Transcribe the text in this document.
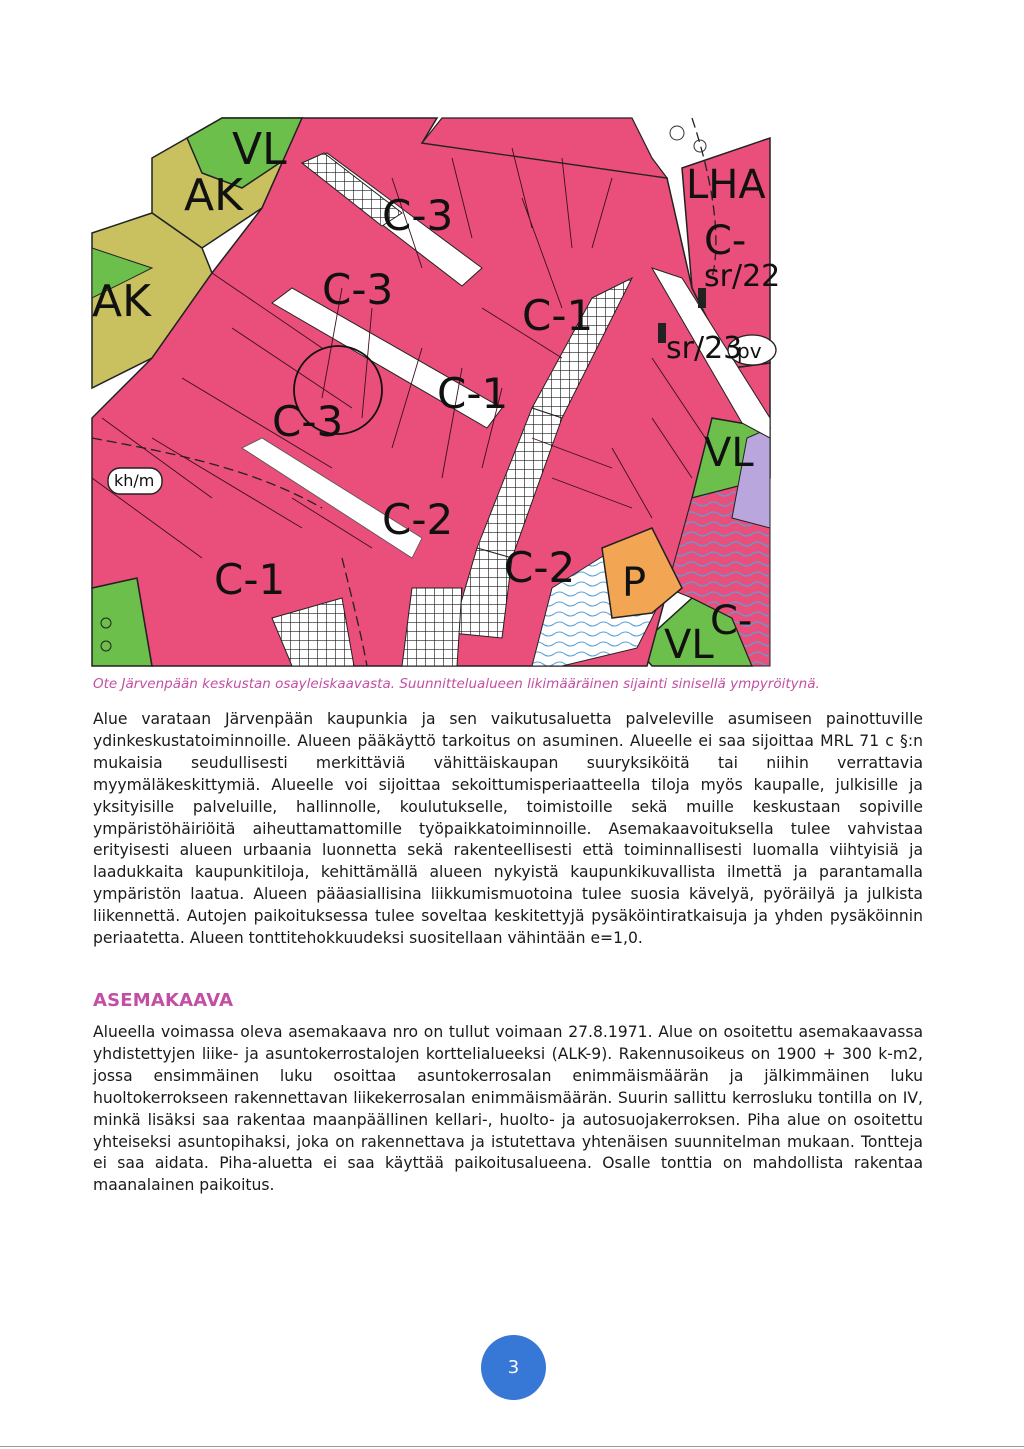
VL
AK	C-3
LHA
C-
sr/22
AK	C-3
C-1
sr/23
pv
C-1
C-3
kh/m
VL
C-2
C-2
C-1	P
C-
VL
Ote Järvenpään keskustan osayleiskaavasta. Suunnittelualueen likimääräinen sijainti sinisellä ympyröitynä.

Alue varataan Järvenpään kaupunkia ja sen vaikutusaluetta palveleville asumiseen painottuville ydinkeskustatoiminnoille. Alueen pääkäyttö tarkoitus on asuminen. Alueelle ei saa sijoittaa MRL 71 c §:n mukaisia seudullisesti merkittäviä vähittäiskaupan suuryksiköitä tai niihin verrattavia myymäläkeskittymiä. Alueelle voi sijoittaa sekoittumisperiaatteella tiloja myös kaupalle, julkisille ja yksityisille palveluille, hallinnolle, koulutukselle, toimistoille sekä muille keskustaan sopiville ympäristöhäiriöitä aiheuttamattomille työpaikkatoiminnoille. Asemakaavoituksella tulee vahvistaa erityisesti alueen urbaania luonnetta sekä rakenteellisesti että toiminnallisesti luomalla viihtyisiä ja laadukkaita kaupunkitiloja, kehittämällä alueen nykyistä kaupunkikuvallista ilmettä ja parantamalla ympäristön laatua. Alueen pääasiallisina liikkumismuotoina tulee suosia kävelyä, pyöräilyä ja julkista liikennettä. Autojen paikoituksessa tulee soveltaa keskitettyjä pysäköintiratkaisuja ja yhden pysäköinnin periaatetta. Alueen tonttitehokkuudeksi suositellaan vähintään e=1,0.

ASEMAKAAVA

Alueella voimassa oleva asemakaava nro on tullut voimaan 27.8.1971. Alue on osoitettu asemakaavassa yhdistettyjen liike- ja asuntokerrostalojen korttelialueeksi (ALK-9). Rakennusoikeus on 1900 + 300 k-m2, jossa ensimmäinen luku osoittaa asuntokerrosalan enimmäismäärän ja jälkimmäinen luku huoltokerrokseen rakennettavan liikekerrosalan enimmäismäärän. Suurin sallittu kerrosluku tontilla on IV, minkä lisäksi saa rakentaa maanpäällinen kellari-, huolto- ja autosuojakerroksen. Piha alue on osoitettu yhteiseksi asuntopihaksi, joka on rakennettava ja istutettava yhtenäisen suunnitelman mukaan. Tontteja ei saa aidata. Piha-aluetta ei saa käyttää paikoitusalueena. Osalle tonttia on mahdollista rakentaa maanalainen paikoitus.

3
